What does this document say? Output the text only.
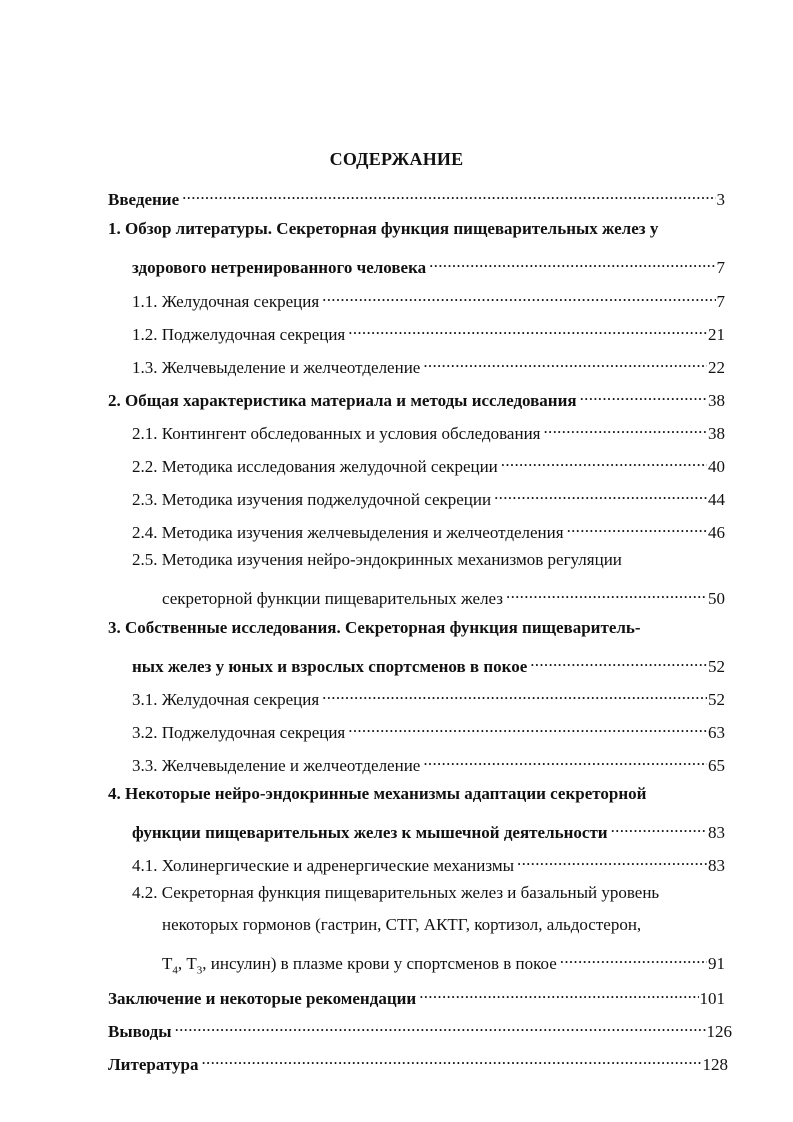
СОДЕРЖАНИЕ
Введение .....	3
1. Обзор литературы. Секреторная функция пищеварительных желез у
здорового нетренированного человека .....	7
1.1. Желудочная секреция .....	7
1.2. Поджелудочная секреция .....	21
1.3. Желчевыделение и желчеотделение .....	22
2. Общая характеристика материала и методы исследования .....	38
2.1. Контингент обследованных и условия обследования .....	38
2.2. Методика исследования желудочной секреции .....	40
2.3. Методика изучения поджелудочной секреции .....	44
2.4. Методика изучения желчевыделения и желчеотделения .....	46
2.5. Методика изучения нейро-эндокринных механизмов регуляции
секреторной функции пищеварительных желез .....	50
3. Собственные исследования. Секреторная функция пищеваритель-
ных желез у юных и взрослых спортсменов в покое .....	52
3.1. Желудочная секреция .....	52
3.2. Поджелудочная секреция .....	63
3.3. Желчевыделение и желчеотделение .....	65
4. Некоторые нейро-эндокринные механизмы адаптации секреторной
функции пищеварительных желез к мышечной деятельности .....	83
4.1. Холинергические и адренергические механизмы .....	83
4.2. Секреторная функция пищеварительных желез и базальный уровень
некоторых гормонов (гастрин, СТГ, АКТГ, кортизол, альдостерон,
$Т_4$, $Т_3$, инсулин) в плазме крови у спортсменов в покое .....	91
Заключение и некоторые рекомендации .....	101
Выводы .....	126
Литература .....	128
